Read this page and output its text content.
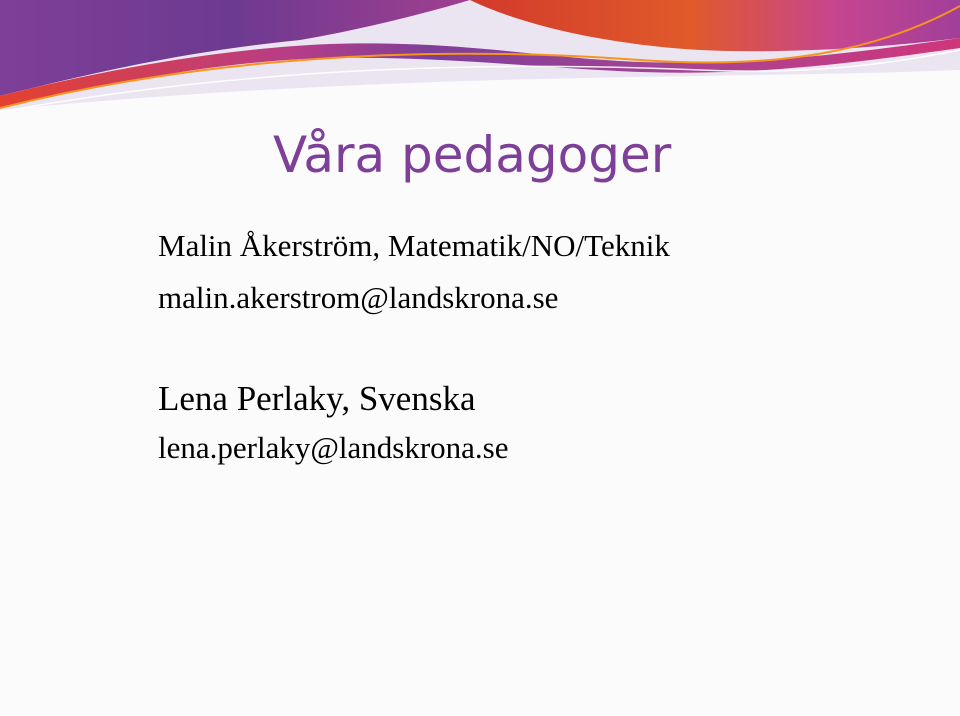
Våra pedagoger

Malin Åkerström, Matematik/NO/Teknik

malin.akerstrom@landskrona.se

Lena Perlaky, Svenska

lena.perlaky@landskrona.se
